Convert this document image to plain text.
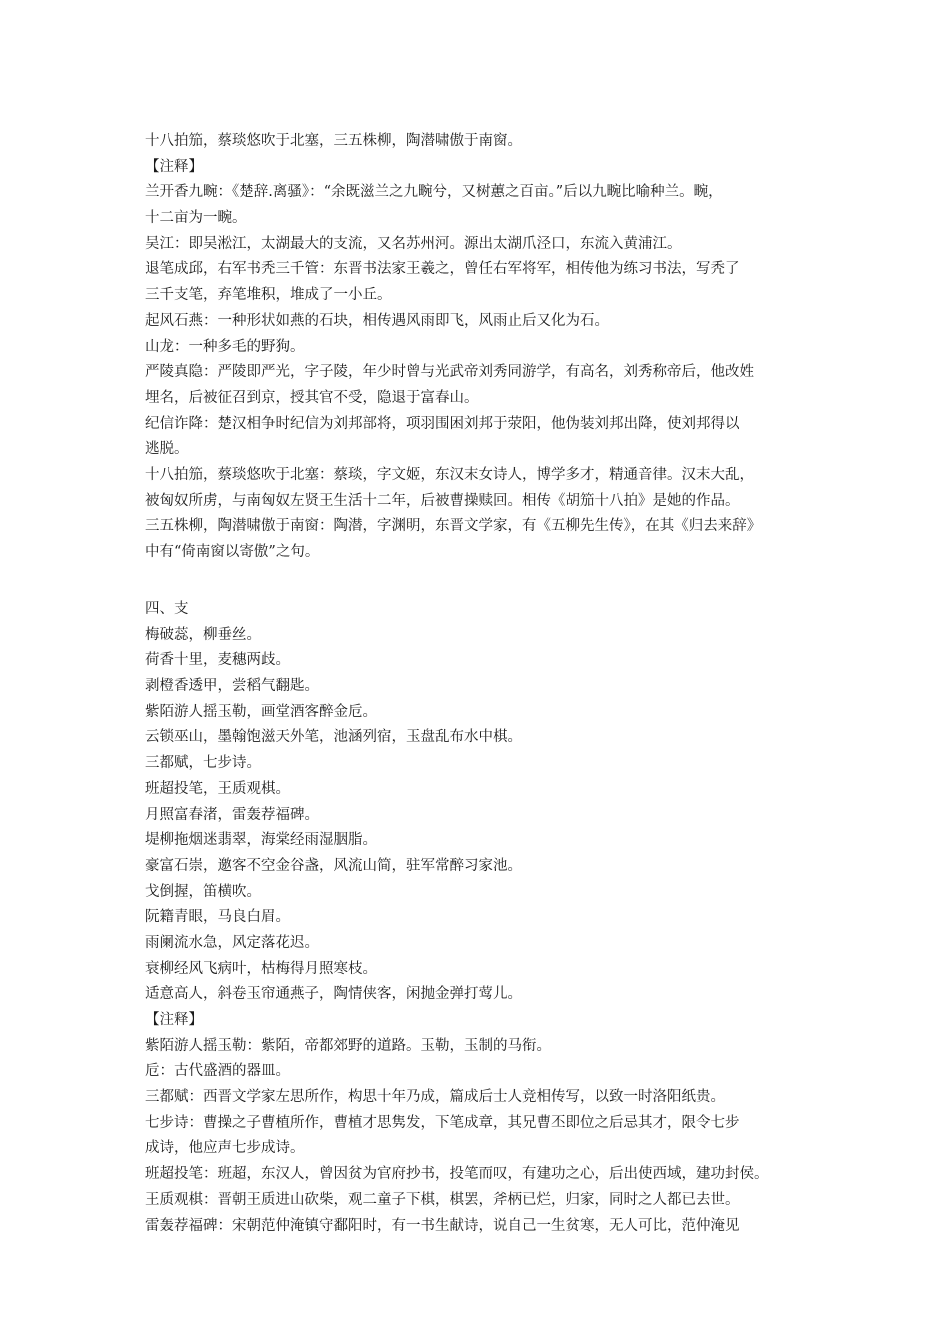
十八拍笳，蔡琰悠吹于北塞，三五株柳，陶潜啸傲于南窗。
【注释】
兰开香九畹：《楚辞.离骚》：“余既滋兰之九畹兮，又树蕙之百亩。”后以九畹比喻种兰。畹，
十二亩为一畹。
吴江：即吴淞江，太湖最大的支流，又名苏州河。源出太湖爪泾口，东流入黄浦江。
退笔成邱，右军书秃三千管：东晋书法家王羲之，曾任右军将军，相传他为练习书法，写秃了
三千支笔，弃笔堆积，堆成了一小丘。
起风石燕：一种形状如燕的石块，相传遇风雨即飞，风雨止后又化为石。
山龙：一种多毛的野狗。
严陵真隐：严陵即严光，字子陵，年少时曾与光武帝刘秀同游学，有高名，刘秀称帝后，他改姓
埋名，后被征召到京，授其官不受，隐退于富春山。
纪信诈降：楚汉相争时纪信为刘邦部将，项羽围困刘邦于荥阳，他伪装刘邦出降，使刘邦得以
逃脱。
十八拍笳，蔡琰悠吹于北塞：蔡琰，字文姬，东汉末女诗人，博学多才，精通音律。汉末大乱，
被匈奴所虏，与南匈奴左贤王生活十二年，后被曹操赎回。相传《胡笳十八拍》是她的作品。
三五株柳，陶潜啸傲于南窗：陶潜，字渊明，东晋文学家，有《五柳先生传》，在其《归去来辞》
中有“倚南窗以寄傲”之句。
四、支
梅破蕊，柳垂丝。
荷香十里，麦穗两歧。
剥橙香透甲，尝稻气翻匙。
紫陌游人摇玉勒，画堂酒客醉金卮。
云锁巫山，墨翰饱滋天外笔，池涵列宿，玉盘乱布水中棋。
三都赋，七步诗。
班超投笔，王质观棋。
月照富春渚，雷轰荐福碑。
堤柳拖烟迷翡翠，海棠经雨湿胭脂。
豪富石崇，邀客不空金谷盏，风流山简，驻军常醉习家池。
戈倒握，笛横吹。
阮籍青眼，马良白眉。
雨阑流水急，风定落花迟。
衰柳经风飞病叶，枯梅得月照寒枝。
适意高人，斜卷玉帘通燕子，陶情侠客，闲抛金弹打莺儿。
【注释】
紫陌游人摇玉勒：紫陌，帝都郊野的道路。玉勒，玉制的马衔。
卮：古代盛酒的器皿。
三都赋：西晋文学家左思所作，构思十年乃成，篇成后士人竞相传写，以致一时洛阳纸贵。
七步诗：曹操之子曹植所作，曹植才思隽发，下笔成章，其兄曹丕即位之后忌其才，限令七步
成诗，他应声七步成诗。
班超投笔：班超，东汉人，曾因贫为官府抄书，投笔而叹，有建功之心，后出使西域，建功封侯。
王质观棋：晋朝王质进山砍柴，观二童子下棋，棋罢，斧柄已烂，归家，同时之人都已去世。
雷轰荐福碑：宋朝范仲淹镇守鄱阳时，有一书生献诗，说自己一生贫寒，无人可比，范仲淹见
